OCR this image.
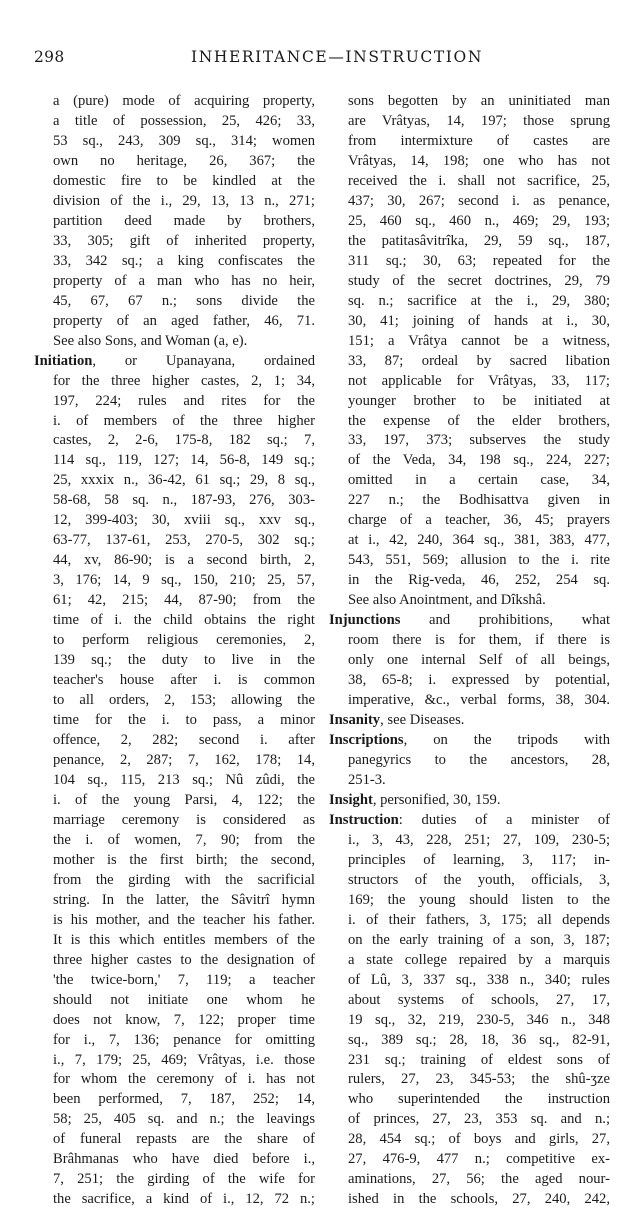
298	INHERITANCE—INSTRUCTION
a (pure) mode of acquiring property,
a title of possession, 25, 426; 33,
53 sq., 243, 309 sq., 314; women
own no heritage, 26, 367; the
domestic fire to be kindled at the
division of the i., 29, 13, 13 n., 271;
partition deed made by brothers,
33, 305; gift of inherited property,
33, 342 sq.; a king confiscates the
property of a man who has no heir,
45, 67, 67 n.; sons divide the
property of an aged father, 46, 71.
See also Sons, and Woman (a, e).
Initiation, or Upanayana, ordained
for the three higher castes, 2, 1; 34,
197, 224; rules and rites for the
i. of members of the three higher
castes, 2, 2-6, 175-8, 182 sq.; 7,
114 sq., 119, 127; 14, 56-8, 149 sq.;
25, xxxix n., 36-42, 61 sq.; 29, 8 sq.,
58-68, 58 sq. n., 187-93, 276, 303-
12, 399-403; 30, xviii sq., xxv sq.,
63-77, 137-61, 253, 270-5, 302 sq.;
44, xv, 86-90; is a second birth, 2,
3, 176; 14, 9 sq., 150, 210; 25, 57,
61; 42, 215; 44, 87-90; from the
time of i. the child obtains the right
to perform religious ceremonies, 2,
139 sq.; the duty to live in the
teacher's house after i. is common
to all orders, 2, 153; allowing the
time for the i. to pass, a minor
offence, 2, 282; second i. after
penance, 2, 287; 7, 162, 178; 14,
104 sq., 115, 213 sq.; Nû zûdi, the
i. of the young Parsi, 4, 122; the
marriage ceremony is considered as
the i. of women, 7, 90; from the
mother is the first birth; the second,
from the girding with the sacrificial
string. In the latter, the Sâvitrî hymn
is his mother, and the teacher his father.
It is this which entitles members of the
three higher castes to the designation of
'the twice-born,' 7, 119; a teacher
should not initiate one whom he
does not know, 7, 122; proper time
for i., 7, 136; penance for omitting
i., 7, 179; 25, 469; Vrâtyas, i.e. those
for whom the ceremony of i. has not
been performed, 7, 187, 252; 14,
58; 25, 405 sq. and n.; the leavings
of funeral repasts are the share of
Brâhmanas who have died before i.,
7, 251; the girding of the wife for
the sacrifice, a kind of i., 12, 72 n.;
sons begotten by an uninitiated man
are Vrâtyas, 14, 197; those sprung
from intermixture of castes are
Vrâtyas, 14, 198; one who has not
received the i. shall not sacrifice, 25,
437; 30, 267; second i. as penance,
25, 460 sq., 460 n., 469; 29, 193;
the patitasâvitrîka, 29, 59 sq., 187,
311 sq.; 30, 63; repeated for the
study of the secret doctrines, 29, 79
sq. n.; sacrifice at the i., 29, 380;
30, 41; joining of hands at i., 30,
151; a Vrâtya cannot be a witness,
33, 87; ordeal by sacred libation
not applicable for Vrâtyas, 33, 117;
younger brother to be initiated at
the expense of the elder brothers,
33, 197, 373; subserves the study
of the Veda, 34, 198 sq., 224, 227;
omitted in a certain case, 34,
227 n.; the Bodhisattva given in
charge of a teacher, 36, 45; prayers
at i., 42, 240, 364 sq., 381, 383, 477,
543, 551, 569; allusion to the i. rite
in the Rig-veda, 46, 252, 254 sq.
See also Anointment, and Dîkshâ.
Injunctions and prohibitions, what
room there is for them, if there is
only one internal Self of all beings,
38, 65-8; i. expressed by potential,
imperative, &c., verbal forms, 38, 304.
Insanity, see Diseases.
Inscriptions, on the tripods with
panegyrics to the ancestors, 28,
251-3.
Insight, personified, 30, 159.
Instruction: duties of a minister of
i., 3, 43, 228, 251; 27, 109, 230-5;
principles of learning, 3, 117; in-
structors of the youth, officials, 3,
169; the young should listen to the
i. of their fathers, 3, 175; all depends
on the early training of a son, 3, 187;
a state college repaired by a marquis
of Lû, 3, 337 sq., 338 n., 340; rules
about systems of schools, 27, 17,
19 sq., 32, 219, 230-5, 346 n., 348
sq., 389 sq.; 28, 18, 36 sq., 82-91,
231 sq.; training of eldest sons of
rulers, 27, 23, 345-53; the shû-ʒze
who superintended the instruction
of princes, 27, 23, 353 sq. and n.;
28, 454 sq.; of boys and girls, 27,
27, 476-9, 477 n.; competitive ex-
aminations, 27, 56; the aged nour-
ished in the schools, 27, 240, 242,
